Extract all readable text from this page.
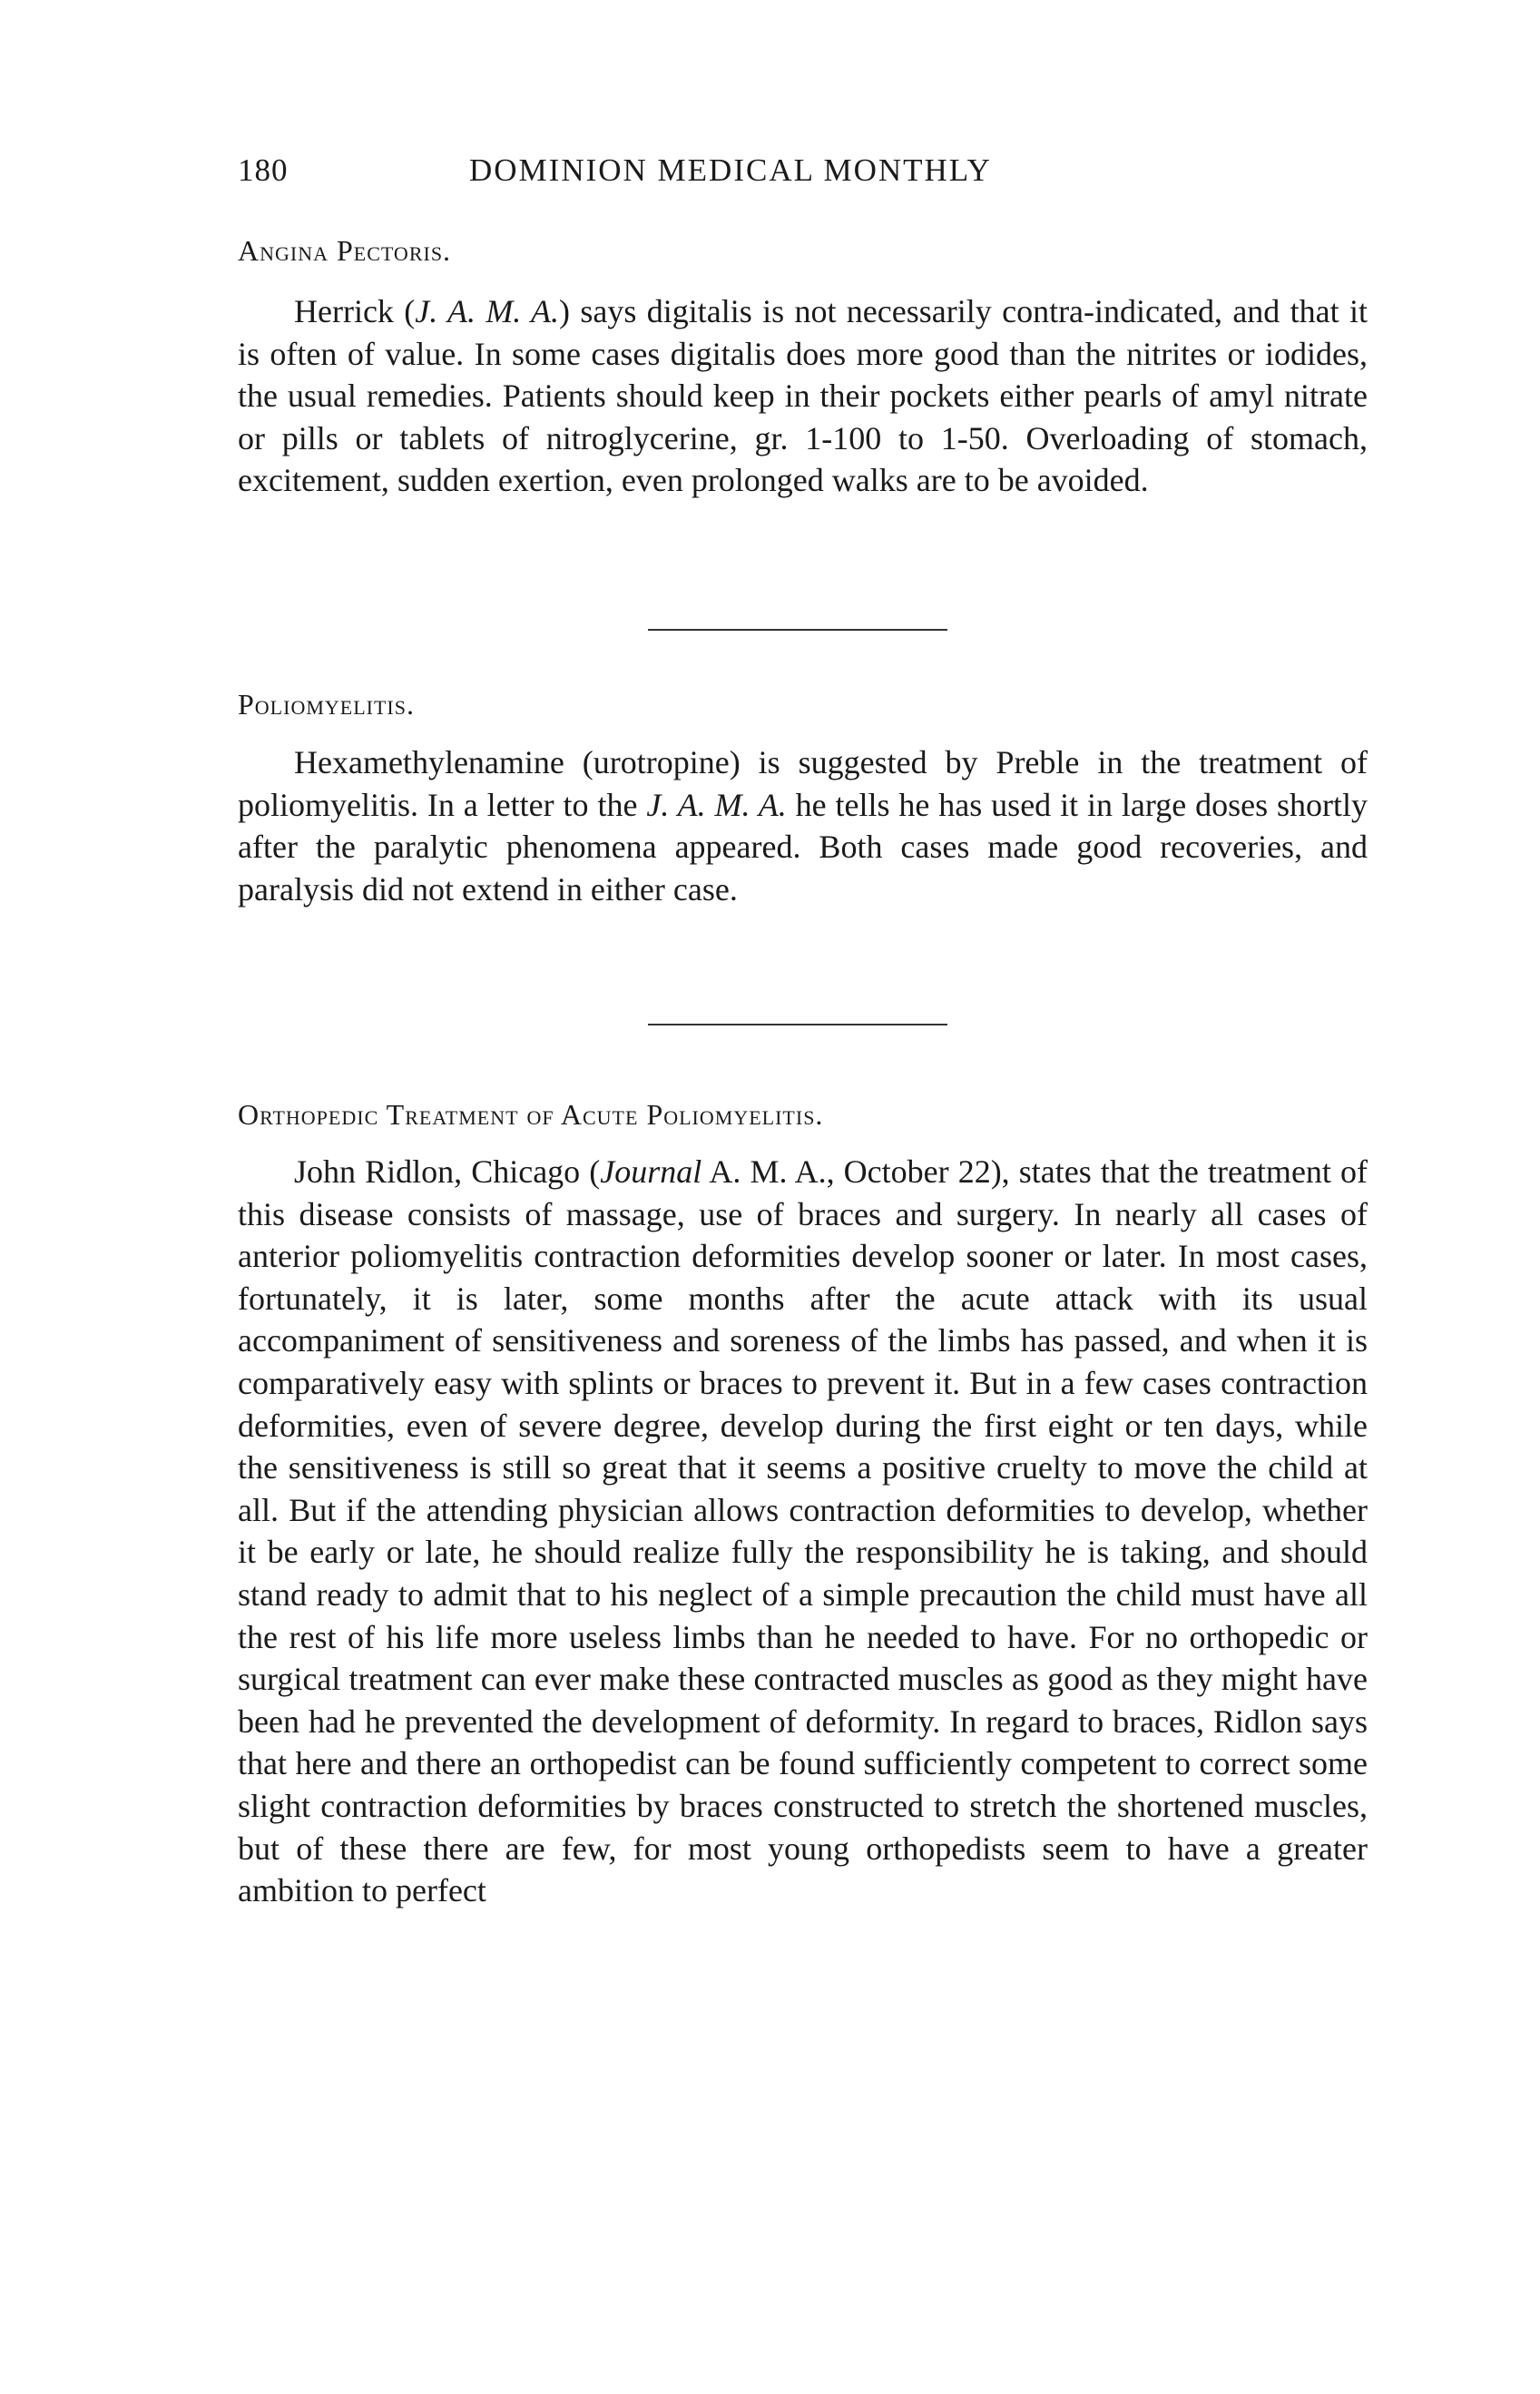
180	DOMINION MEDICAL MONTHLY
Angina Pectoris.

Herrick (J. A. M. A.) says digitalis is not necessarily contra-indicated, and that it is often of value. In some cases digitalis does more good than the nitrites or iodides, the usual remedies. Patients should keep in their pockets either pearls of amyl nitrate or pills or tablets of nitroglycerine, gr. 1-100 to 1-50. Overloading of stomach, excitement, sudden exertion, even prolonged walks are to be avoided.

Poliomyelitis.

Hexamethylenamine (urotropine) is suggested by Preble in the treatment of poliomyelitis. In a letter to the J. A. M. A. he tells he has used it in large doses shortly after the paralytic phenomena appeared. Both cases made good recoveries, and paralysis did not extend in either case.

Orthopedic Treatment of Acute Poliomyelitis.

John Ridlon, Chicago (Journal A. M. A., October 22), states that the treatment of this disease consists of massage, use of braces and surgery. In nearly all cases of anterior poliomyelitis contraction deformities develop sooner or later. In most cases, fortunately, it is later, some months after the acute attack with its usual accompaniment of sensitiveness and soreness of the limbs has passed, and when it is comparatively easy with splints or braces to prevent it. But in a few cases contraction deformities, even of severe degree, develop during the first eight or ten days, while the sensitiveness is still so great that it seems a positive cruelty to move the child at all. But if the attending physician allows contraction deformities to develop, whether it be early or late, he should realize fully the responsibility he is taking, and should stand ready to admit that to his neglect of a simple precaution the child must have all the rest of his life more useless limbs than he needed to have. For no orthopedic or surgical treatment can ever make these contracted muscles as good as they might have been had he prevented the development of deformity. In regard to braces, Ridlon says that here and there an orthopedist can be found sufficiently competent to correct some slight contraction deformities by braces constructed to stretch the shortened muscles, but of these there are few, for most young orthopedists seem to have a greater ambition to perfect
